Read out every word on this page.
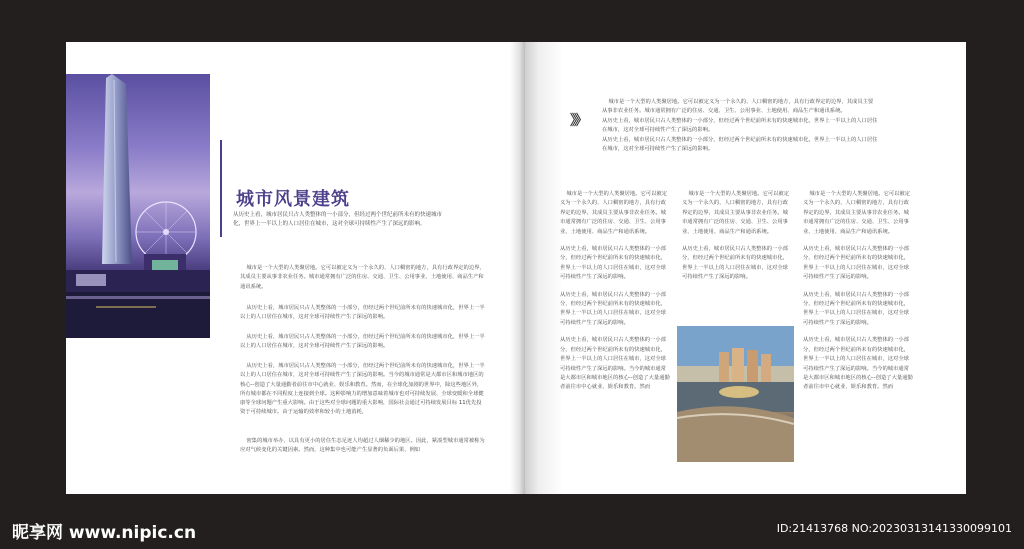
城市风景建筑
从历史上看，城市居民只占人类整体的一小部分，但经过两个世纪前所未有的快速城市化，世界上一半以上的人口居住在城市，这对全球可持续性产生了深远的影响。
城市是一个大型的人类聚居地。它可以被定义为一个永久的、人口稠密的地方，具有行政界定的边界，其成员主要从事非农业任务。城市通常拥有广泛的住房、交通、卫生、公用事业、土地使用、商品生产和通讯系统。
从历史上看，城市居民只占人类整体的一小部分，但经过两个世纪前所未有的快速城市化，世界上一半以上的人口居住在城市，这对全球可持续性产生了深远的影响。
从历史上看，城市居民只占人类整体的一小部分，但经过两个世纪前所未有的快速城市化，世界上一半以上的人口居住在城市，这对全球可持续性产生了深远的影响。
从历史上看，城市居民只占人类整体的一小部分，但经过两个世纪前所未有的快速城市化，世界上一半以上的人口居住在城市，这对全球可持续性产生了深远的影响。当今的城市通常是大都市区和城市地区的核心--创造了大量通勤者前往市中心就业、娱乐和教育。然而，在全球化加剧的世界中，除这些地区外，所有城市都在不同程度上连接到全球。这种影响力的增加意味着城市也对可持续发展、全球变暖和全球健康等全球问题产生重大影响。由于这些对全球问题的重大影响，国际社会通过可持续发展目标 11优先投资于可持续城市。由于运输的效率和较小的土地消耗，
密集的城市举办，以具有更小的居住生态足迹人均超过人烟稀少的地区。因此，紧凑型城市通常被称为应对气候变化的关键因素。然而，这种集中也可能产生显著的负面后果，例如
》》

城市是一个大型的人类聚居地。它可以被定义为一个永久的、人口稠密的地方，具有行政界定的边界，其成员主要从事非农业任务。城市通常拥有广泛的住房、交通、卫生、公用事业、土地使用、商品生产和通讯系统。

从历史上看，城市居民只占人类整体的一小部分，但经过两个世纪前所未有的快速城市化，世界上一半以上的人口居住在城市，这对全球可持续性产生了深远的影响。

从历史上看，城市居民只占人类整体的一小部分，但经过两个世纪前所未有的快速城市化，世界上一半以上的人口居住在城市，这对全球可持续性产生了深远的影响。

城市是一个大型的人类聚居地。它可以被定义为一个永久的、人口稠密的地方，具有行政界定的边界，其成员主要从事非农业任务。城市通常拥有广泛的住房、交通、卫生、公用事业、土地使用、商品生产和通讯系统。

从历史上看，城市居民只占人类整体的一小部分，但经过两个世纪前所未有的快速城市化，世界上一半以上的人口居住在城市，这对全球可持续性产生了深远的影响。

从历史上看，城市居民只占人类整体的一小部分，但经过两个世纪前所未有的快速城市化，世界上一半以上的人口居住在城市，这对全球可持续性产生了深远的影响。

从历史上看，城市居民只占人类整体的一小部分，但经过两个世纪前所未有的快速城市化，世界上一半以上的人口居住在城市，这对全球可持续性产生了深远的影响。当今的城市通常是大都市区和城市地区的核心--创造了大量通勤者前往市中心就业、娱乐和教育。然而

城市是一个大型的人类聚居地。它可以被定义为一个永久的、人口稠密的地方，具有行政界定的边界，其成员主要从事非农业任务。城市通常拥有广泛的住房、交通、卫生、公用事业、土地使用、商品生产和通讯系统。

从历史上看，城市居民只占人类整体的一小部分，但经过两个世纪前所未有的快速城市化，世界上一半以上的人口居住在城市，这对全球可持续性产生了深远的影响。

城市是一个大型的人类聚居地。它可以被定义为一个永久的、人口稠密的地方，具有行政界定的边界，其成员主要从事非农业任务。城市通常拥有广泛的住房、交通、卫生、公用事业、土地使用、商品生产和通讯系统。

从历史上看，城市居民只占人类整体的一小部分，但经过两个世纪前所未有的快速城市化，世界上一半以上的人口居住在城市，这对全球可持续性产生了深远的影响。

从历史上看，城市居民只占人类整体的一小部分，但经过两个世纪前所未有的快速城市化，世界上一半以上的人口居住在城市，这对全球可持续性产生了深远的影响。

从历史上看，城市居民只占人类整体的一小部分，但经过两个世纪前所未有的快速城市化，世界上一半以上的人口居住在城市，这对全球可持续性产生了深远的影响。当今的城市通常是大都市区和城市地区的核心--创造了大量通勤者前往市中心就业、娱乐和教育。然而

昵享网 www.nipic.cn	ID:21413768 NO:20230313141330099101
